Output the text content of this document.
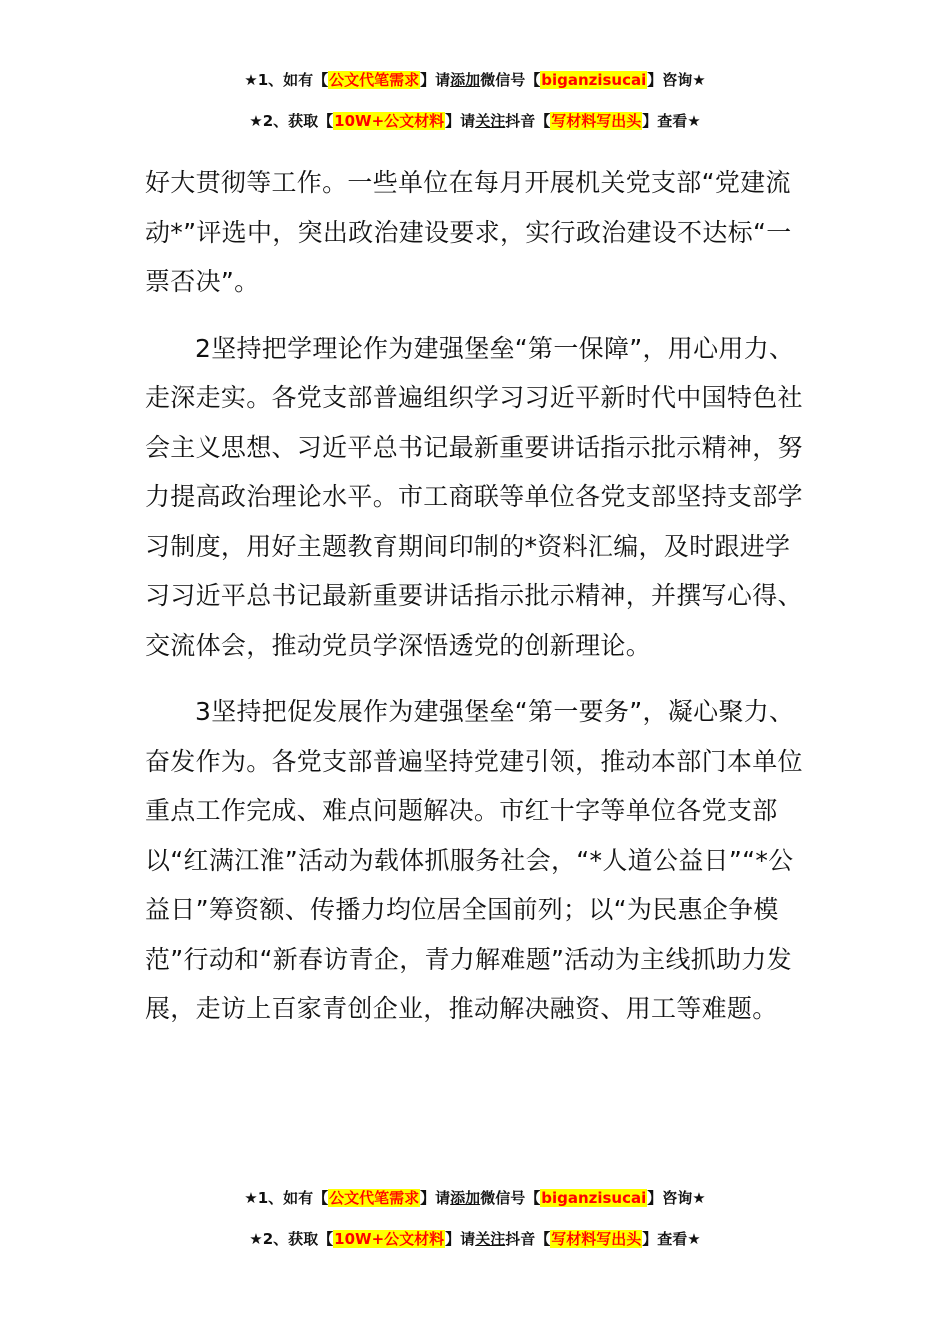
★1、如有【公文代笔需求】请添加微信号【biganzisucai】咨询★
★2、获取【10W+公文材料】请关注抖音【写材料写出头】查看★

好大贯彻等工作。一些单位在每月开展机关党支部“党建流动*”评选中，突出政治建设要求，实行政治建设不达标“一票否决”。

2坚持把学理论作为建强堡垒“第一保障”，用心用力、走深走实。各党支部普遍组织学习习近平新时代中国特色社会主义思想、习近平总书记最新重要讲话指示批示精神，努力提高政治理论水平。市工商联等单位各党支部坚持支部学习制度，用好主题教育期间印制的*资料汇编，及时跟进学习习近平总书记最新重要讲话指示批示精神，并撰写心得、交流体会，推动党员学深悟透党的创新理论。

3坚持把促发展作为建强堡垒“第一要务”，凝心聚力、奋发作为。各党支部普遍坚持党建引领，推动本部门本单位重点工作完成、难点问题解决。市红十字等单位各党支部以“红满江淮”活动为载体抓服务社会，“*人道公益日”“*公益日”筹资额、传播力均位居全国前列；以“为民惠企争模范”行动和“新春访青企，青力解难题”活动为主线抓助力发展，走访上百家青创企业，推动解决融资、用工等难题。

★1、如有【公文代笔需求】请添加微信号【biganzisucai】咨询★
★2、获取【10W+公文材料】请关注抖音【写材料写出头】查看★
